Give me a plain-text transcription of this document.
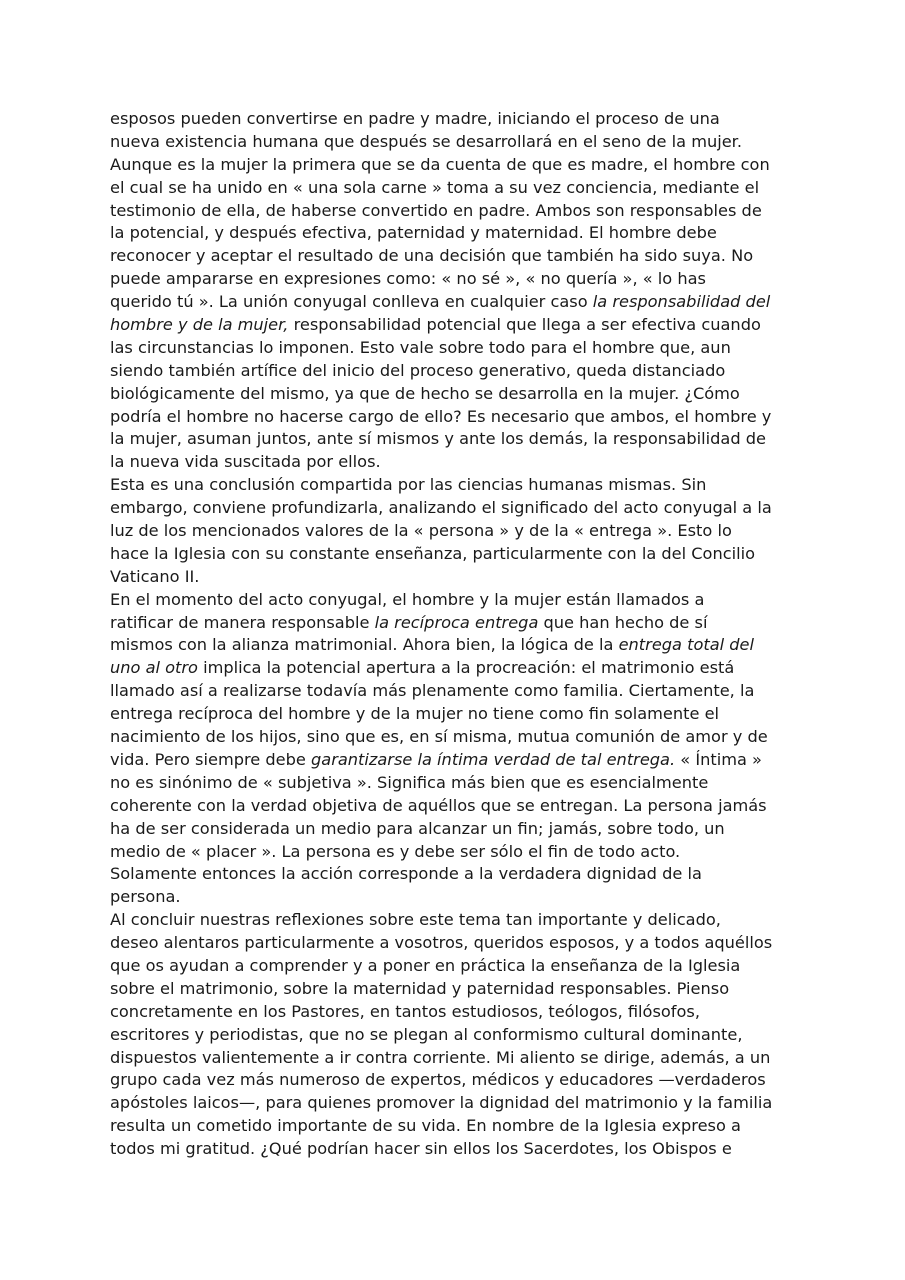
esposos pueden convertirse en padre y madre, iniciando el proceso de una
nueva existencia humana que después se desarrollará en el seno de la mujer.
Aunque es la mujer la primera que se da cuenta de que es madre, el hombre con
el cual se ha unido en « una sola carne » toma a su vez conciencia, mediante el
testimonio de ella, de haberse convertido en padre. Ambos son responsables de
la potencial, y después efectiva, paternidad y maternidad. El hombre debe
reconocer y aceptar el resultado de una decisión que también ha sido suya. No
puede ampararse en expresiones como: « no sé », « no quería », « lo has
querido tú ». La unión conyugal conlleva en cualquier caso la responsabilidad del
hombre y de la mujer, responsabilidad potencial que llega a ser efectiva cuando
las circunstancias lo imponen. Esto vale sobre todo para el hombre que, aun
siendo también artífice del inicio del proceso generativo, queda distanciado
biológicamente del mismo, ya que de hecho se desarrolla en la mujer. ¿Cómo
podría el hombre no hacerse cargo de ello? Es necesario que ambos, el hombre y
la mujer, asuman juntos, ante sí mismos y ante los demás, la responsabilidad de
la nueva vida suscitada por ellos.
Esta es una conclusión compartida por las ciencias humanas mismas. Sin
embargo, conviene profundizarla, analizando el significado del acto conyugal a la
luz de los mencionados valores de la « persona » y de la « entrega ». Esto lo
hace la Iglesia con su constante enseñanza, particularmente con la del Concilio
Vaticano II.
En el momento del acto conyugal, el hombre y la mujer están llamados a
ratificar de manera responsable la recíproca entrega que han hecho de sí
mismos con la alianza matrimonial. Ahora bien, la lógica de la entrega total del
uno al otro implica la potencial apertura a la procreación: el matrimonio está
llamado así a realizarse todavía más plenamente como familia. Ciertamente, la
entrega recíproca del hombre y de la mujer no tiene como fin solamente el
nacimiento de los hijos, sino que es, en sí misma, mutua comunión de amor y de
vida. Pero siempre debe garantizarse la íntima verdad de tal entrega. « Íntima »
no es sinónimo de « subjetiva ». Significa más bien que es esencialmente
coherente con la verdad objetiva de aquéllos que se entregan. La persona jamás
ha de ser considerada un medio para alcanzar un fin; jamás, sobre todo, un
medio de « placer ». La persona es y debe ser sólo el fin de todo acto.
Solamente entonces la acción corresponde a la verdadera dignidad de la
persona.
Al concluir nuestras reflexiones sobre este tema tan importante y delicado,
deseo alentaros particularmente a vosotros, queridos esposos, y a todos aquéllos
que os ayudan a comprender y a poner en práctica la enseñanza de la Iglesia
sobre el matrimonio, sobre la maternidad y paternidad responsables. Pienso
concretamente en los Pastores, en tantos estudiosos, teólogos, filósofos,
escritores y periodistas, que no se plegan al conformismo cultural dominante,
dispuestos valientemente a ir contra corriente. Mi aliento se dirige, además, a un
grupo cada vez más numeroso de expertos, médicos y educadores —verdaderos
apóstoles laicos—, para quienes promover la dignidad del matrimonio y la familia
resulta un cometido importante de su vida. En nombre de la Iglesia expreso a
todos mi gratitud. ¿Qué podrían hacer sin ellos los Sacerdotes, los Obispos e
